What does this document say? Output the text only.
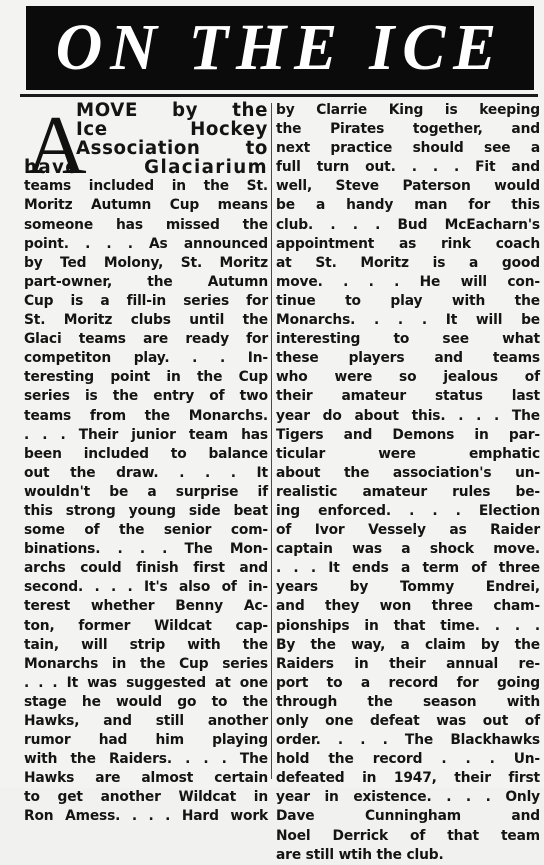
ON THE ICE
A
MOVE by the
Ice Hockey
Association to
have Glaciarium
teams included in the St.
Moritz Autumn Cup means
someone has missed the
point. . . . As announced
by Ted Molony, St. Moritz
part-owner, the Autumn
Cup is a fill-in series for
St. Moritz clubs until the
Glaci teams are ready for
competiton play. . . In-
teresting point in the Cup
series is the entry of two
teams from the Monarchs.
. . . Their junior team has
been included to balance
out the draw. . . . It
wouldn't be a surprise if
this strong young side beat
some of the senior com-
binations. . . . The Mon-
archs could finish first and
second. . . . It's also of in-
terest whether Benny Ac-
ton, former Wildcat cap-
tain, will strip with the
Monarchs in the Cup series
. . . It was suggested at one
stage he would go to the
Hawks, and still another
rumor had him playing
with the Raiders. . . . The
Hawks are almost certain
to get another Wildcat in
Ron Amess. . . . Hard work
by Clarrie King is keeping
the Pirates together, and
next practice should see a
full turn out. . . . Fit and
well, Steve Paterson would
be a handy man for this
club. . . . Bud McEacharn's
appointment as rink coach
at St. Moritz is a good
move. . . . He will con-
tinue to play with the
Monarchs. . . . It will be
interesting to see what
these players and teams
who were so jealous of
their amateur status last
year do about this. . . . The
Tigers and Demons in par-
ticular were emphatic
about the association's un-
realistic amateur rules be-
ing enforced. . . . Election
of Ivor Vessely as Raider
captain was a shock move.
. . . It ends a term of three
years by Tommy Endrei,
and they won three cham-
pionships in that time. . . .
By the way, a claim by the
Raiders in their annual re-
port to a record for going
through the season with
only one defeat was out of
order. . . . The Blackhawks
hold the record . . . Un-
defeated in 1947, their first
year in existence. . . . Only
Dave Cunningham and
Noel Derrick of that team
are still wtih the club.
